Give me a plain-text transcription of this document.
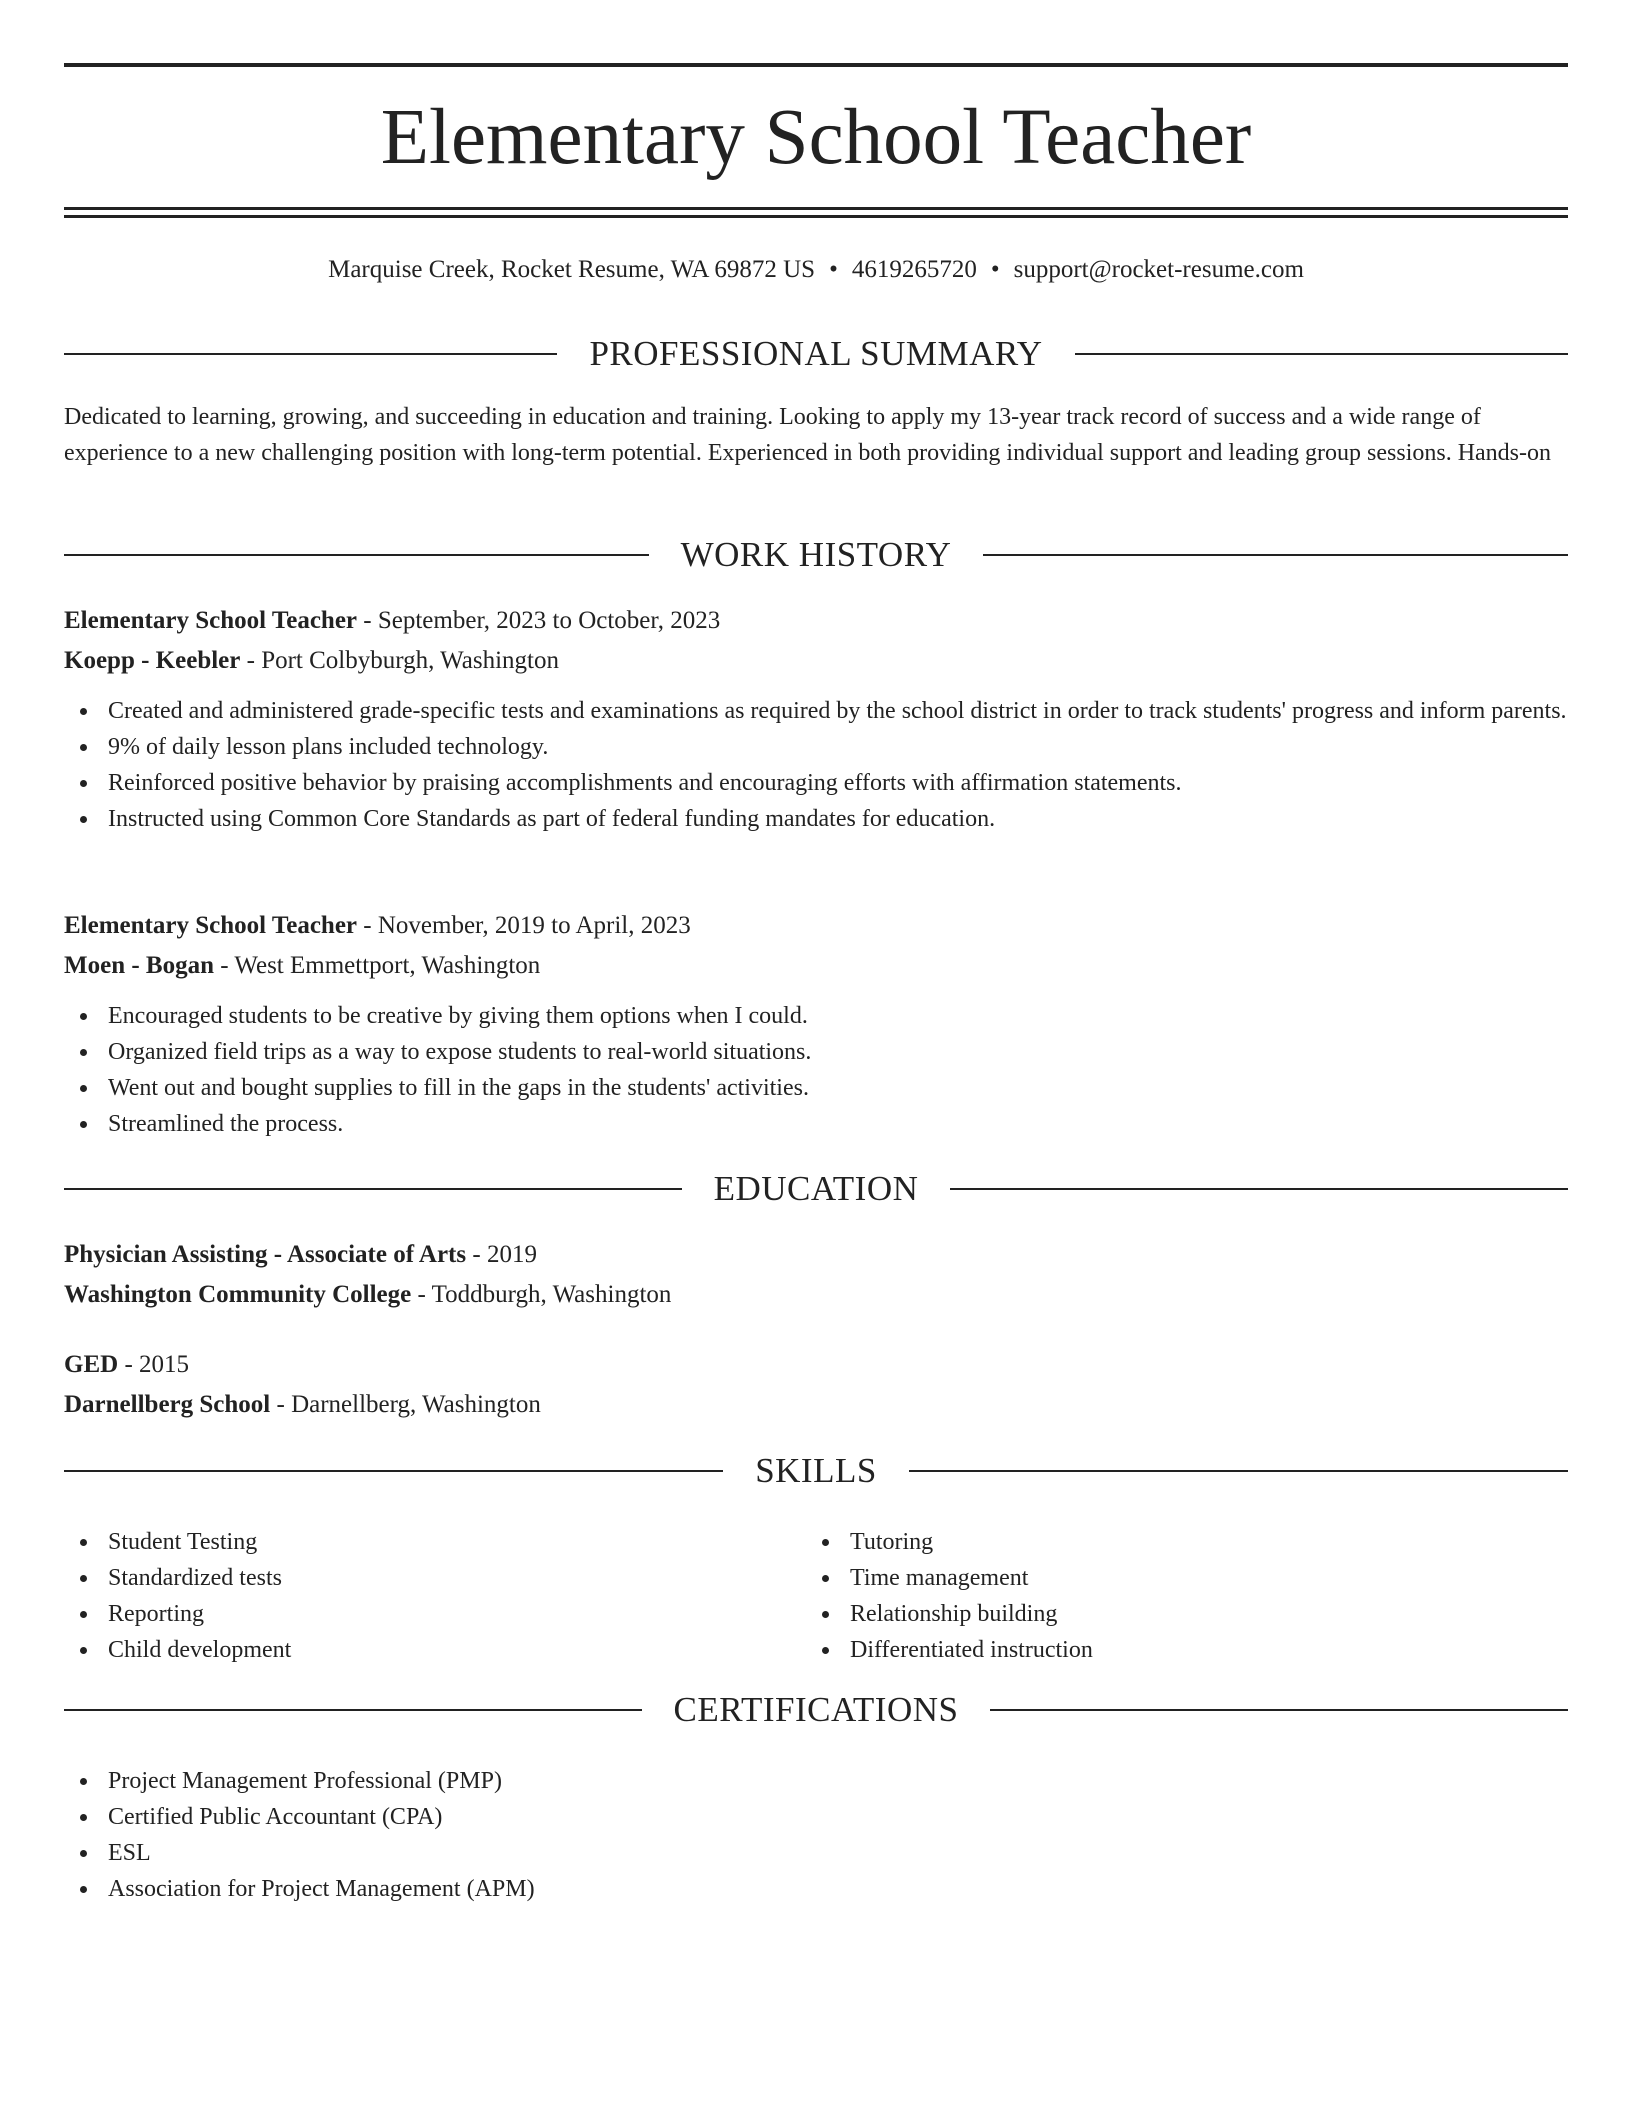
Elementary School Teacher
Marquise Creek, Rocket Resume, WA 69872 US • 4619265720 • support@rocket-resume.com
PROFESSIONAL SUMMARY

Dedicated to learning, growing, and succeeding in education and training. Looking to apply my 13-year track record of success and a wide range of experience to a new challenging position with long-term potential. Experienced in both providing individual support and leading group sessions. Hands-on

WORK HISTORY
Elementary School Teacher - September, 2023 to October, 2023
Koepp - Keebler - Port Colbyburgh, Washington
Created and administered grade-specific tests and examinations as required by the school district in order to track students' progress and inform parents.
9% of daily lesson plans included technology.
Reinforced positive behavior by praising accomplishments and encouraging efforts with affirmation statements.
Instructed using Common Core Standards as part of federal funding mandates for education.
Elementary School Teacher - November, 2019 to April, 2023
Moen - Bogan - West Emmettport, Washington
Encouraged students to be creative by giving them options when I could.
Organized field trips as a way to expose students to real-world situations.
Went out and bought supplies to fill in the gaps in the students' activities.
Streamlined the process.
EDUCATION
Physician Assisting - Associate of Arts - 2019
Washington Community College - Toddburgh, Washington
GED - 2015
Darnellberg School - Darnellberg, Washington
SKILLS
Student Testing
Standardized tests
Reporting
Child development
Tutoring
Time management
Relationship building
Differentiated instruction
CERTIFICATIONS
Project Management Professional (PMP)
Certified Public Accountant (CPA)
ESL
Association for Project Management (APM)
